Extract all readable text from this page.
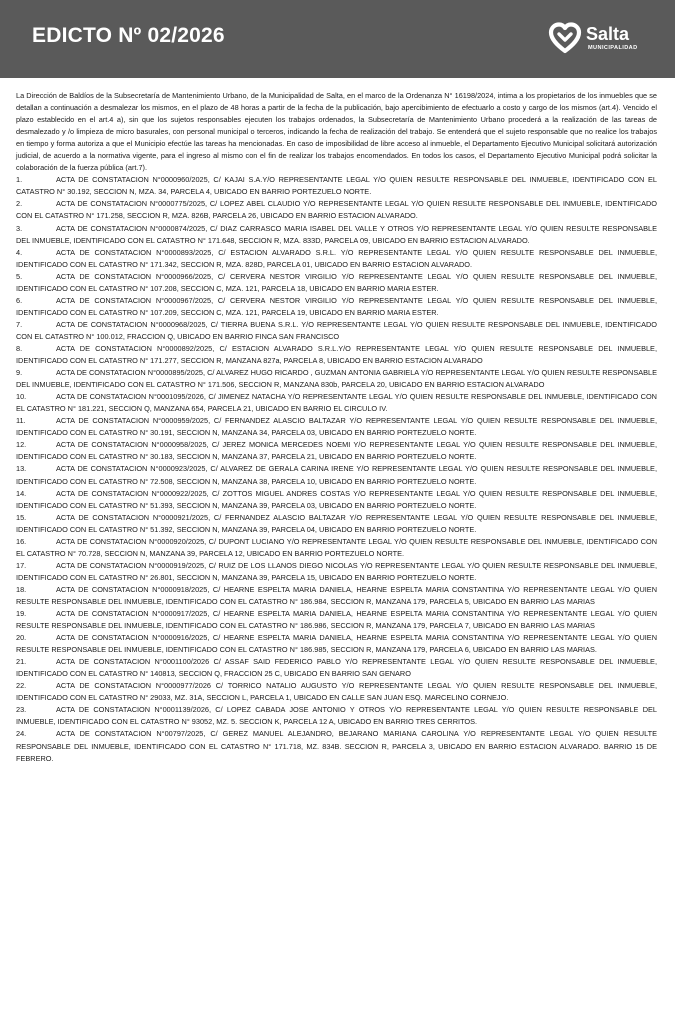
EDICTO Nº 02/2026	Salta
MUNICIPALIDAD

La Dirección de Baldíos de la Subsecretaría de Mantenimiento Urbano, de la Municipalidad de Salta, en el marco de la Ordenanza N° 16198/2024, intima a los propietarios de los inmuebles que se detallan a continuación a desmalezar los mismos, en el plazo de 48 horas a partir de la fecha de la publicación, bajo apercibimiento de efectuarlo a costo y cargo de los mismos (art.4). Vencido el plazo establecido en el art.4 a), sin que los sujetos responsables ejecuten los trabajos ordenados, la Subsecretaría de Mantenimiento Urbano procederá a la realización de las tareas de desmalezado y /o limpieza de micro basurales, con personal municipal o terceros, indicando la fecha de realización del trabajo. Se entenderá que el sujeto responsable que no realice los trabajos en tiempo y forma autoriza a que el Municipio efectúe las tareas ha mencionadas. En caso de imposibilidad de libre acceso al inmueble, el Departamento Ejecutivo Municipal solicitará autorización judicial, de acuerdo a la normativa vigente, para el ingreso al mismo con el fin de realizar los trabajos encomendados. En todos los casos, el Departamento Ejecutivo Municipal podrá solicitar la colaboración de la fuerza pública (art.7).

1.	ACTA DE CONSTATACION N°0000960/2025, C/ KAJAI S.A.Y/O REPRESENTANTE LEGAL Y/O QUIEN RESULTE RESPONSABLE DEL INMUEBLE, IDENTIFICADO CON EL CATASTRO N° 30.192, SECCION N, MZA. 34, PARCELA 4, UBICADO EN BARRIO PORTEZUELO NORTE.

2.	ACTA DE CONSTATACION N°0000775/2025, C/ LOPEZ ABEL CLAUDIO Y/O REPRESENTANTE LEGAL Y/O QUIEN RESULTE RESPONSABLE DEL INMUEBLE, IDENTIFICADO CON EL CATASTRO N° 171.258, SECCION R, MZA. 826B, PARCELA 26, UBICADO EN BARRIO ESTACION ALVARADO.

3.	ACTA DE CONSTATACION N°0000874/2025, C/ DIAZ CARRASCO MARIA ISABEL DEL VALLE Y OTROS Y/O REPRESENTANTE LEGAL Y/O QUIEN RESULTE RESPONSABLE DEL INMUEBLE, IDENTIFICADO CON EL CATASTRO N° 171.648, SECCION R, MZA. 833D, PARCELA 09, UBICADO EN BARRIO ESTACION ALVARADO.

4.	ACTA DE CONSTATACION N°0000893/2025, C/ ESTACION ALVARADO S.R.L. Y/O REPRESENTANTE LEGAL Y/O QUIEN RESULTE RESPONSABLE DEL INMUEBLE, IDENTIFICADO CON EL CATASTRO N° 171.342, SECCION R, MZA. 828D, PARCELA 01, UBICADO EN BARRIO ESTACION ALVARADO.

5.	ACTA DE CONSTATACION N°0000966/2025, C/ CERVERA NESTOR VIRGILIO Y/O REPRESENTANTE LEGAL Y/O QUIEN RESULTE RESPONSABLE DEL INMUEBLE, IDENTIFICADO CON EL CATASTRO N° 107.208, SECCION C, MZA. 121, PARCELA 18, UBICADO EN BARRIO MARIA ESTER.

6.	ACTA DE CONSTATACION N°0000967/2025, C/ CERVERA NESTOR VIRGILIO Y/O REPRESENTANTE LEGAL Y/O QUIEN RESULTE RESPONSABLE DEL INMUEBLE, IDENTIFICADO CON EL CATASTRO N° 107.209, SECCION C, MZA. 121, PARCELA 19, UBICADO EN BARRIO MARIA ESTER.

7.	ACTA DE CONSTATACION N°0000968/2025, C/ TIERRA BUENA S.R.L. Y/O REPRESENTANTE LEGAL Y/O QUIEN RESULTE RESPONSABLE DEL INMUEBLE, IDENTIFICADO CON EL CATASTRO N° 100.012, FRACCION Q, UBICADO EN BARRIO FINCA SAN FRANCISCO

8.	ACTA DE CONSTATACION N°0000892/2025, C/ ESTACION ALVARADO S.R.L.Y/O REPRESENTANTE LEGAL Y/O QUIEN RESULTE RESPONSABLE DEL INMUEBLE, IDENTIFICADO CON EL CATASTRO N° 171.277, SECCION R, MANZANA 827a, PARCELA 8, UBICADO EN BARRIO ESTACION ALVARADO

9.	ACTA DE CONSTATACION N°0000895/2025, C/ ALVAREZ HUGO RICARDO , GUZMAN ANTONIA GABRIELA Y/O REPRESENTANTE LEGAL Y/O QUIEN RESULTE RESPONSABLE DEL INMUEBLE, IDENTIFICADO CON EL CATASTRO N° 171.506, SECCION R, MANZANA 830b, PARCELA 20, UBICADO EN BARRIO ESTACION ALVARADO

10.	ACTA DE CONSTATACION N°0001095/2026, C/ JIMENEZ NATACHA Y/O REPRESENTANTE LEGAL Y/O QUIEN RESULTE RESPONSABLE DEL INMUEBLE, IDENTIFICADO CON EL CATASTRO N° 181.221, SECCION Q, MANZANA 654, PARCELA 21, UBICADO EN BARRIO EL CIRCULO IV.

11.	ACTA DE CONSTATACION N°0000959/2025, C/ FERNANDEZ ALASCIO BALTAZAR Y/O REPRESENTANTE LEGAL Y/O QUIEN RESULTE RESPONSABLE DEL INMUEBLE, IDENTIFICADO CON EL CATASTRO N° 30.191, SECCION N, MANZANA 34, PARCELA 03, UBICADO EN BARRIO PORTEZUELO NORTE.

12.	ACTA DE CONSTATACION N°0000958/2025, C/ JEREZ MONICA MERCEDES NOEMI Y/O REPRESENTANTE LEGAL Y/O QUIEN RESULTE RESPONSABLE DEL INMUEBLE, IDENTIFICADO CON EL CATASTRO N° 30.183, SECCION N, MANZANA 37, PARCELA 21, UBICADO EN BARRIO PORTEZUELO NORTE.

13.	ACTA DE CONSTATACION N°0000923/2025, C/ ALVAREZ DE GERALA CARINA IRENE Y/O REPRESENTANTE LEGAL Y/O QUIEN RESULTE RESPONSABLE DEL INMUEBLE, IDENTIFICADO CON EL CATASTRO N° 72.508, SECCION N, MANZANA 38, PARCELA 10, UBICADO EN BARRIO PORTEZUELO NORTE.

14.	ACTA DE CONSTATACION N°0000922/2025, C/ ZOTTOS MIGUEL ANDRES COSTAS Y/O REPRESENTANTE LEGAL Y/O QUIEN RESULTE RESPONSABLE DEL INMUEBLE, IDENTIFICADO CON EL CATASTRO N° 51.393, SECCION N, MANZANA 39, PARCELA 03, UBICADO EN BARRIO PORTEZUELO NORTE.

15.	ACTA DE CONSTATACION N°0000921/2025, C/ FERNANDEZ ALASCIO BALTAZAR Y/O REPRESENTANTE LEGAL Y/O QUIEN RESULTE RESPONSABLE DEL INMUEBLE, IDENTIFICADO CON EL CATASTRO N° 51.392, SECCION N, MANZANA 39, PARCELA 04, UBICADO EN BARRIO PORTEZUELO NORTE.

16.	ACTA DE CONSTATACION N°0000920/2025, C/ DUPONT LUCIANO Y/O REPRESENTANTE LEGAL Y/O QUIEN RESULTE RESPONSABLE DEL INMUEBLE, IDENTIFICADO CON EL CATASTRO N° 70.728, SECCION N, MANZANA 39, PARCELA 12, UBICADO EN BARRIO PORTEZUELO NORTE.

17.	ACTA DE CONSTATACION N°0000919/2025, C/ RUIZ DE LOS LLANOS DIEGO NICOLAS Y/O REPRESENTANTE LEGAL Y/O QUIEN RESULTE RESPONSABLE DEL INMUEBLE, IDENTIFICADO CON EL CATASTRO N° 26.801, SECCION N, MANZANA 39, PARCELA 15, UBICADO EN BARRIO PORTEZUELO NORTE.

18.	ACTA DE CONSTATACION N°0000918/2025, C/ HEARNE ESPELTA MARIA DANIELA, HEARNE ESPELTA MARIA CONSTANTINA Y/O REPRESENTANTE LEGAL Y/O QUIEN RESULTE RESPONSABLE DEL INMUEBLE, IDENTIFICADO CON EL CATASTRO N° 186.984, SECCION R, MANZANA 179, PARCELA 5, UBICADO EN BARRIO LAS MARIAS

19.	ACTA DE CONSTATACION N°0000917/2025, C/ HEARNE ESPELTA MARIA DANIELA, HEARNE ESPELTA MARIA CONSTANTINA Y/O REPRESENTANTE LEGAL Y/O QUIEN RESULTE RESPONSABLE DEL INMUEBLE, IDENTIFICADO CON EL CATASTRO N° 186.986, SECCION R, MANZANA 179, PARCELA 7, UBICADO EN BARRIO LAS MARIAS

20.	ACTA DE CONSTATACION N°0000916/2025, C/ HEARNE ESPELTA MARIA DANIELA, HEARNE ESPELTA MARIA CONSTANTINA Y/O REPRESENTANTE LEGAL Y/O QUIEN RESULTE RESPONSABLE DEL INMUEBLE, IDENTIFICADO CON EL CATASTRO N° 186.985, SECCION R, MANZANA 179, PARCELA 6, UBICADO EN BARRIO LAS MARIAS.

21.	ACTA DE CONSTATACION N°0001100/2026 C/ ASSAF SAID FEDERICO PABLO Y/O REPRESENTANTE LEGAL Y/O QUIEN RESULTE RESPONSABLE DEL INMUEBLE, IDENTIFICADO CON EL CATASTRO N° 140813, SECCION Q, FRACCION 25 C, UBICADO EN BARRIO SAN GENARO

22.	ACTA DE CONSTATACION N°0000977/2026 C/ TORRICO NATALIO AUGUSTO Y/O REPRESENTANTE LEGAL Y/O QUIEN RESULTE RESPONSABLE DEL INMUEBLE, IDENTIFICADO CON EL CATASTRO N° 29033, MZ. 31A, SECCION L, PARCELA 1, UBICADO EN CALLE SAN JUAN ESQ. MARCELINO CORNEJO.

23.	ACTA DE CONSTATACION N°0001139/2026, C/ LOPEZ CABADA JOSE ANTONIO Y OTROS Y/O REPRESENTANTE LEGAL Y/O QUIEN RESULTE RESPONSABLE DEL INMUEBLE, IDENTIFICADO CON EL CATASTRO N° 93052, MZ. 5. SECCION K, PARCELA 12 A, UBICADO EN BARRIO TRES CERRITOS.

24.	ACTA DE CONSTATACION N°00797/2025, C/ GEREZ MANUEL ALEJANDRO, BEJARANO MARIANA CAROLINA Y/O REPRESENTANTE LEGAL Y/O QUIEN RESULTE RESPONSABLE DEL INMUEBLE, IDENTIFICADO CON EL CATASTRO N° 171.718, MZ. 834B. SECCION R, PARCELA 3, UBICADO EN BARRIO ESTACION ALVARADO. BARRIO 15 DE FEBRERO.
